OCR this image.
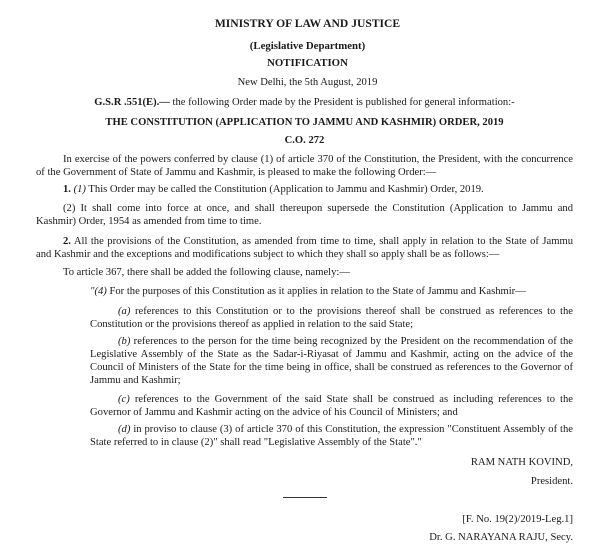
MINISTRY OF LAW AND JUSTICE
(Legislative Department)
NOTIFICATION
New Delhi, the 5th August, 2019

G.S.R .551(E).— the following Order made by the President is published for general information:-

THE CONSTITUTION (APPLICATION TO JAMMU AND KASHMIR) ORDER, 2019

C.O. 272

In exercise of the powers conferred by clause (1) of article 370 of the Constitution, the President, with the concurrence of the Government of State of Jammu and Kashmir, is pleased to make the following Order:—

1. (1) This Order may be called the Constitution (Application to Jammu and Kashmir) Order, 2019.

(2) It shall come into force at once, and shall thereupon supersede the Constitution (Application to Jammu and Kashmir) Order, 1954 as amended from time to time.

2. All the provisions of the Constitution, as amended from time to time, shall apply in relation to the State of Jammu and Kashmir and the exceptions and modifications subject to which they shall so apply shall be as follows:—

To article 367, there shall be added the following clause, namely:—

"(4) For the purposes of this Constitution as it applies in relation to the State of Jammu and Kashmir—

(a) references to this Constitution or to the provisions thereof shall be construed as references to the Constitution or the provisions thereof as applied in relation to the said State;

(b) references to the person for the time being recognized by the President on the recommendation of the Legislative Assembly of the State as the Sadar-i-Riyasat of Jammu and Kashmir, acting on the advice of the Council of Ministers of the State for the time being in office, shall be construed as references to the Governor of Jammu and Kashmir;

(c) references to the Government of the said State shall be construed as including references to the Governor of Jammu and Kashmir acting on the advice of his Council of Ministers; and

(d) in proviso to clause (3) of article 370 of this Constitution, the expression "Constituent Assembly of the State referred to in clause (2)" shall read "Legislative Assembly of the State"."

RAM NATH KOVIND,
President.
[F. No. 19(2)/2019-Leg.1]
Dr. G. NARAYANA RAJU, Secy.
